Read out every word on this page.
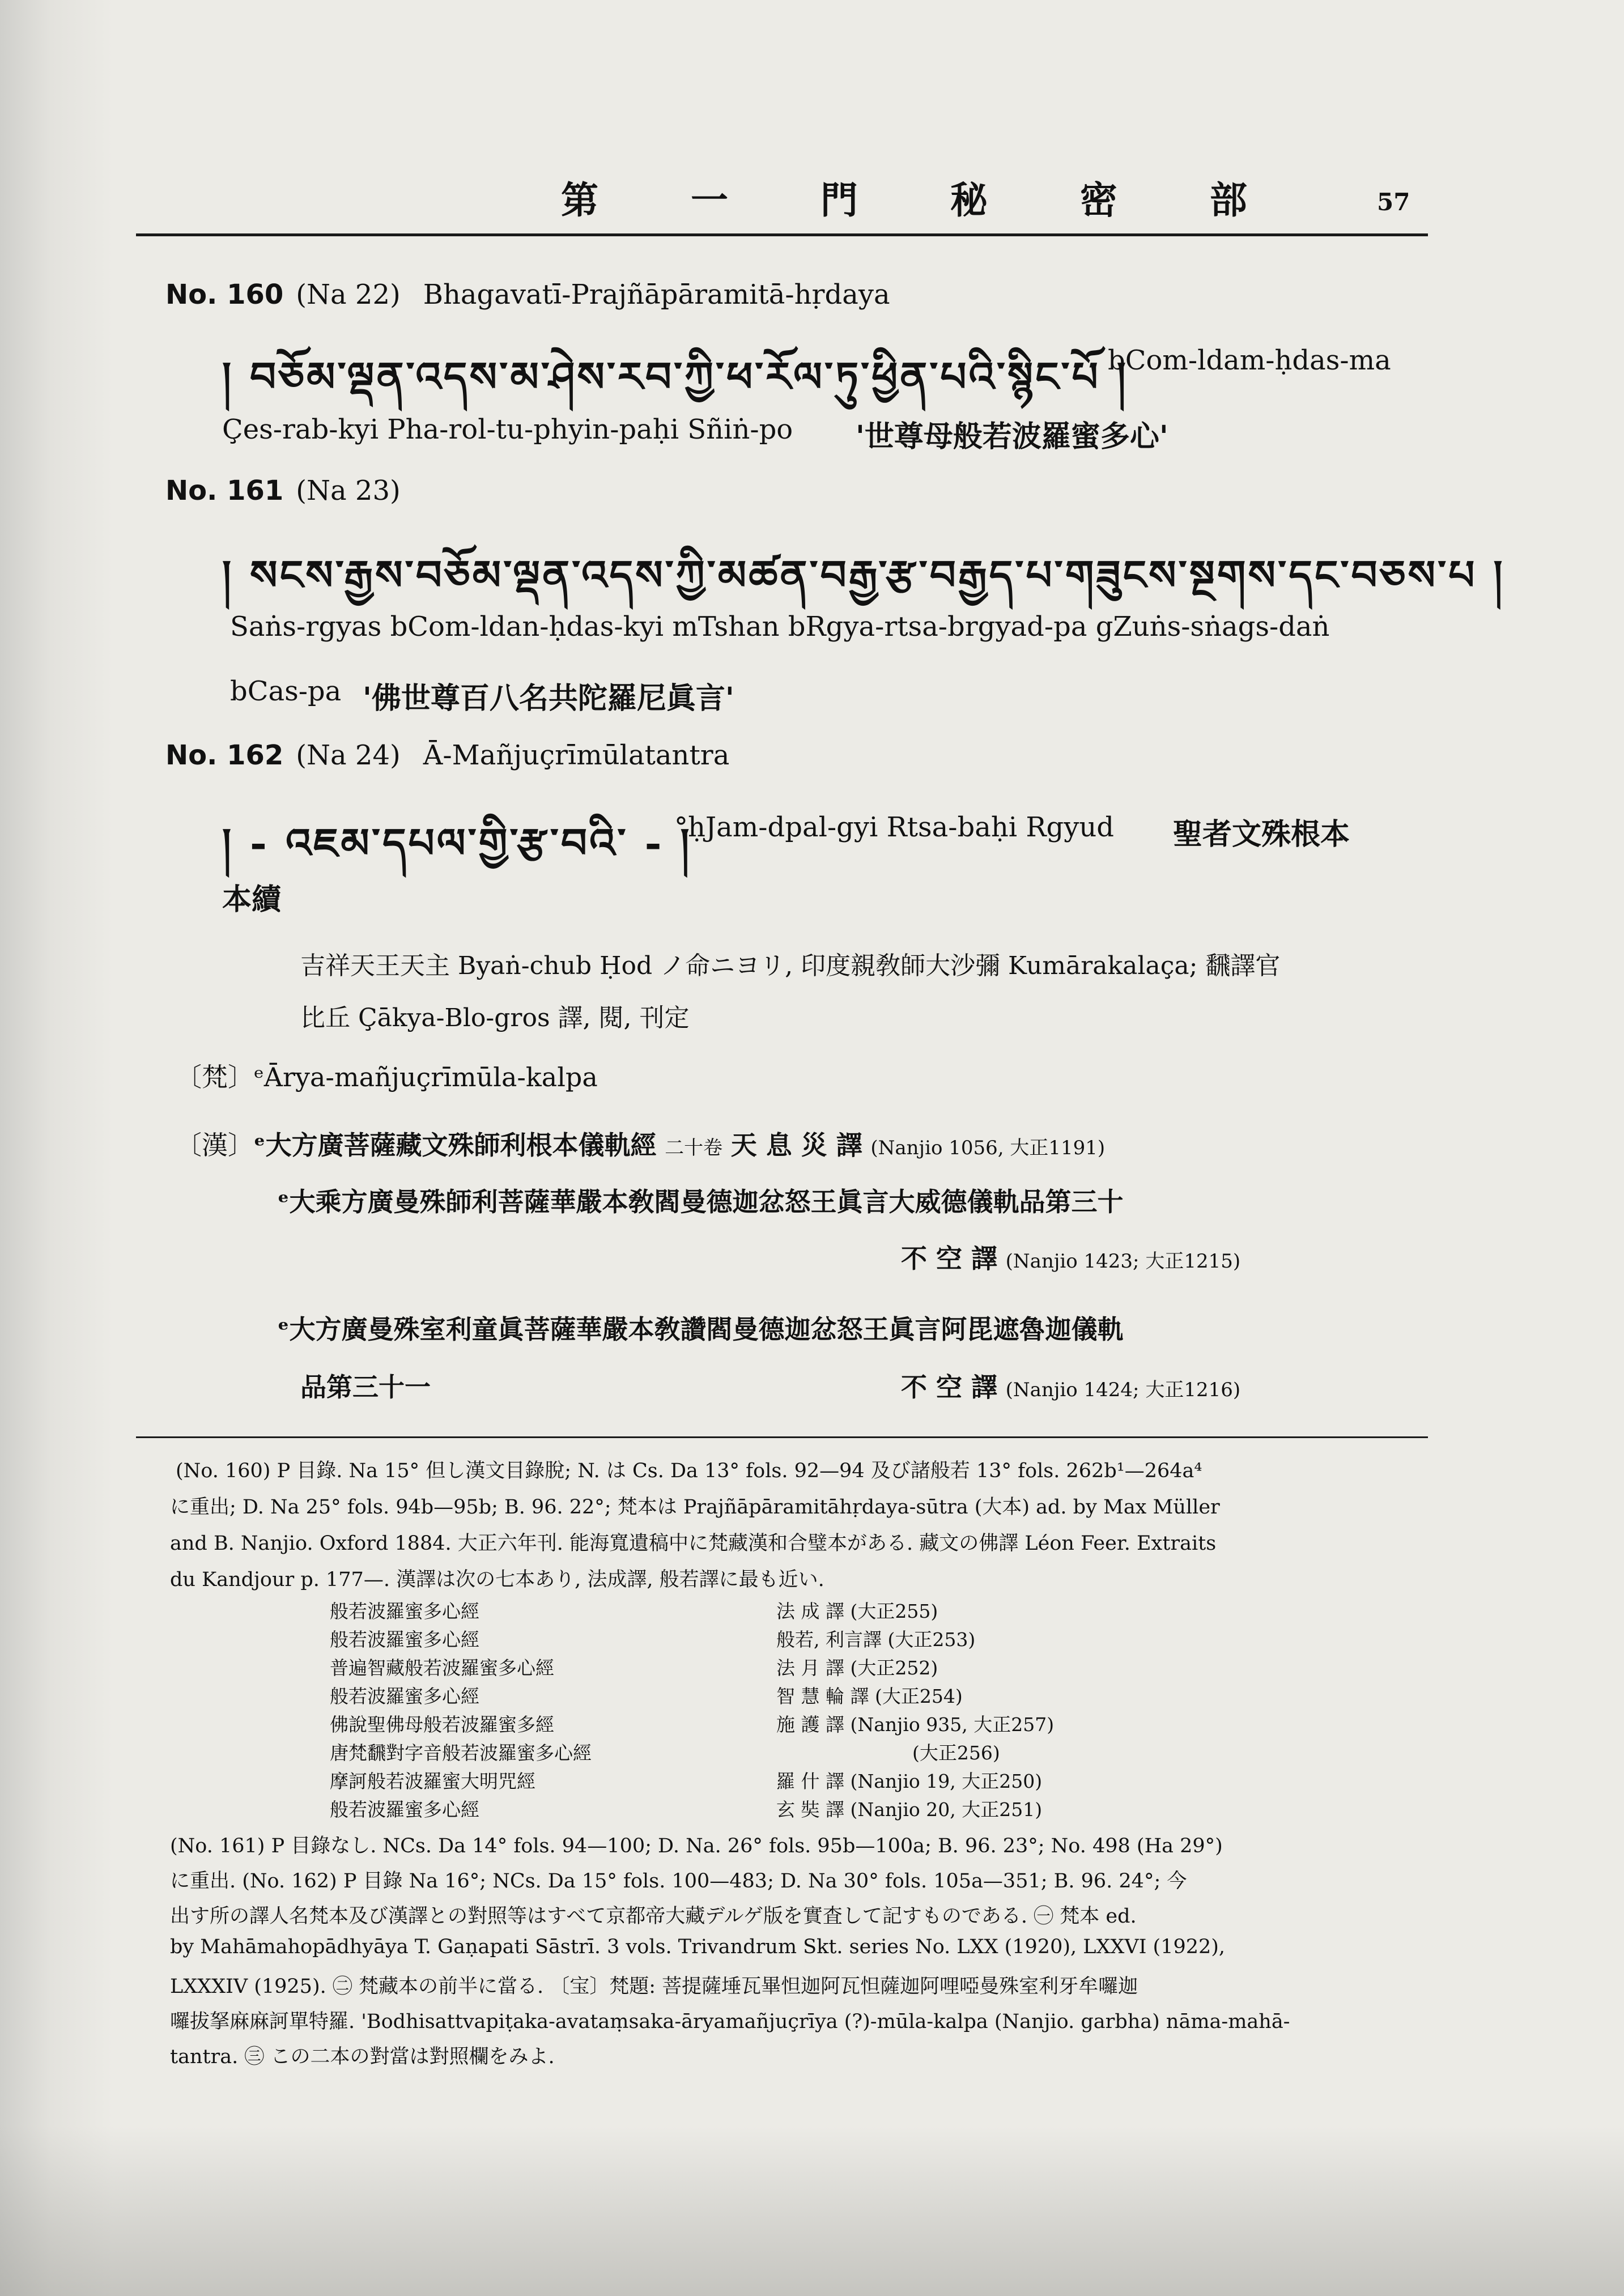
第 一 門 秘 密 部	57
No. 160 (Na 22) Bhagavatī-Prajñāpāramitā-hṛdaya
། བཅོམ་ལྡན་འདས་མ་ཤེས་རབ་ཀྱི་ཕ་རོལ་ཏུ་ཕྱིན་པའི་སྙིང་པོ །
bCom-ldam-ḥdas-ma
Çes-rab-kyi Pha-rol-tu-phyin-paḥi Sñiṅ-po '世尊母般若波羅蜜多心'
No. 161 (Na 23)
། སངས་རྒྱས་བཅོམ་ལྡན་འདས་ཀྱི་མཚན་བརྒྱ་རྩ་བརྒྱད་པ་གཟུངས་སྔགས་དང་བཅས་པ །
Saṅs-rgyas bCom-ldan-ḥdas-kyi mTshan bRgya-rtsa-brgyad-pa gZuṅs-sṅags-daṅ
bCas-pa '佛世尊百八名共陀羅尼眞言'
No. 162 (Na 24) Ā-Mañjuçrīmūlatantra
། ‑ འཇམ་དཔལ་གྱི་རྩ་བའི་ ‑ །
°ḥJam-dpal-gyi Rtsa-baḥi Rgyud 聖者文殊根本
本續
吉祥天王天主 Byaṅ-chub Ḥod ノ命ニヨリ, 印度親敎師大沙彌 Kumārakalaça; 飜譯官
比丘 Çākya-Blo-gros 譯, 閱, 刊定
〔梵〕ᵉĀrya-mañjuçrīmūla-kalpa
〔漢〕ᵉ大方廣菩薩藏文殊師利根本儀軌經 二十卷 天 息 災 譯 (Nanjio 1056, 大正1191)
ᵉ大乘方廣曼殊師利菩薩華嚴本敎閻曼德迦忿怒王眞言大威德儀軌品第三十
不 空 譯 (Nanjio 1423; 大正1215)
ᵉ大方廣曼殊室利童眞菩薩華嚴本敎讚閻曼德迦忿怒王眞言阿毘遮魯迦儀軌
品第三十一	不 空 譯 (Nanjio 1424; 大正1216)
(No. 160) P 目錄. Na 15° 但し漢文目錄脫; N. は Cs. Da 13° fols. 92—94 及び諸般若 13° fols. 262b¹—264a⁴
に重出; D. Na 25° fols. 94b—95b; B. 96. 22°; 梵本は Prajñāpāramitāhṛdaya-sūtra (大本) ad. by Max Müller
and B. Nanjio. Oxford 1884. 大正六年刊. 能海寬遺稿中に梵藏漢和合璧本がある. 藏文の佛譯 Léon Feer. Extraits
du Kandjour p. 177—. 漢譯は次の七本あり, 法成譯, 般若譯に最も近い.
般若波羅蜜多心經	法 成 譯 (大正255)
般若波羅蜜多心經	般若, 利言譯 (大正253)
普遍智藏般若波羅蜜多心經	法 月 譯 (大正252)
般若波羅蜜多心經	智 慧 輪 譯 (大正254)
佛說聖佛母般若波羅蜜多經	施 護 譯 (Nanjio 935, 大正257)
唐梵飜對字音般若波羅蜜多心經	(大正256)
摩訶般若波羅蜜大明咒經	羅 什 譯 (Nanjio 19, 大正250)
般若波羅蜜多心經	玄 奘 譯 (Nanjio 20, 大正251)
(No. 161) P 目錄なし. NCs. Da 14° fols. 94—100; D. Na. 26° fols. 95b—100a; B. 96. 23°; No. 498 (Ha 29°)
に重出. (No. 162) P 目錄 Na 16°; NCs. Da 15° fols. 100—483; D. Na 30° fols. 105a—351; B. 96. 24°; 今
出す所の譯人名梵本及び漢譯との對照等はすべて京都帝大藏デルゲ版を實査して記すものである. ㊀ 梵本 ed.
by Mahāmahopādhyāya T. Gaṇapati Sāstrī. 3 vols. Trivandrum Skt. series No. LXX (1920), LXXVI (1922),
LXXXIV (1925). ㊁ 梵藏本の前半に當る. 〔宝〕梵題: 菩提薩埵瓦畢怛迦阿瓦怛薩迦阿哩啞曼殊室利牙牟囉迦
囉拔拏麻麻訶單特羅. 'Bodhisattvapiṭaka-avataṃsaka-āryamañjuçrīya (?)-mūla-kalpa (Nanjio. garbha) nāma-mahā-
tantra. ㊂ この二本の對當は對照欄をみよ.
